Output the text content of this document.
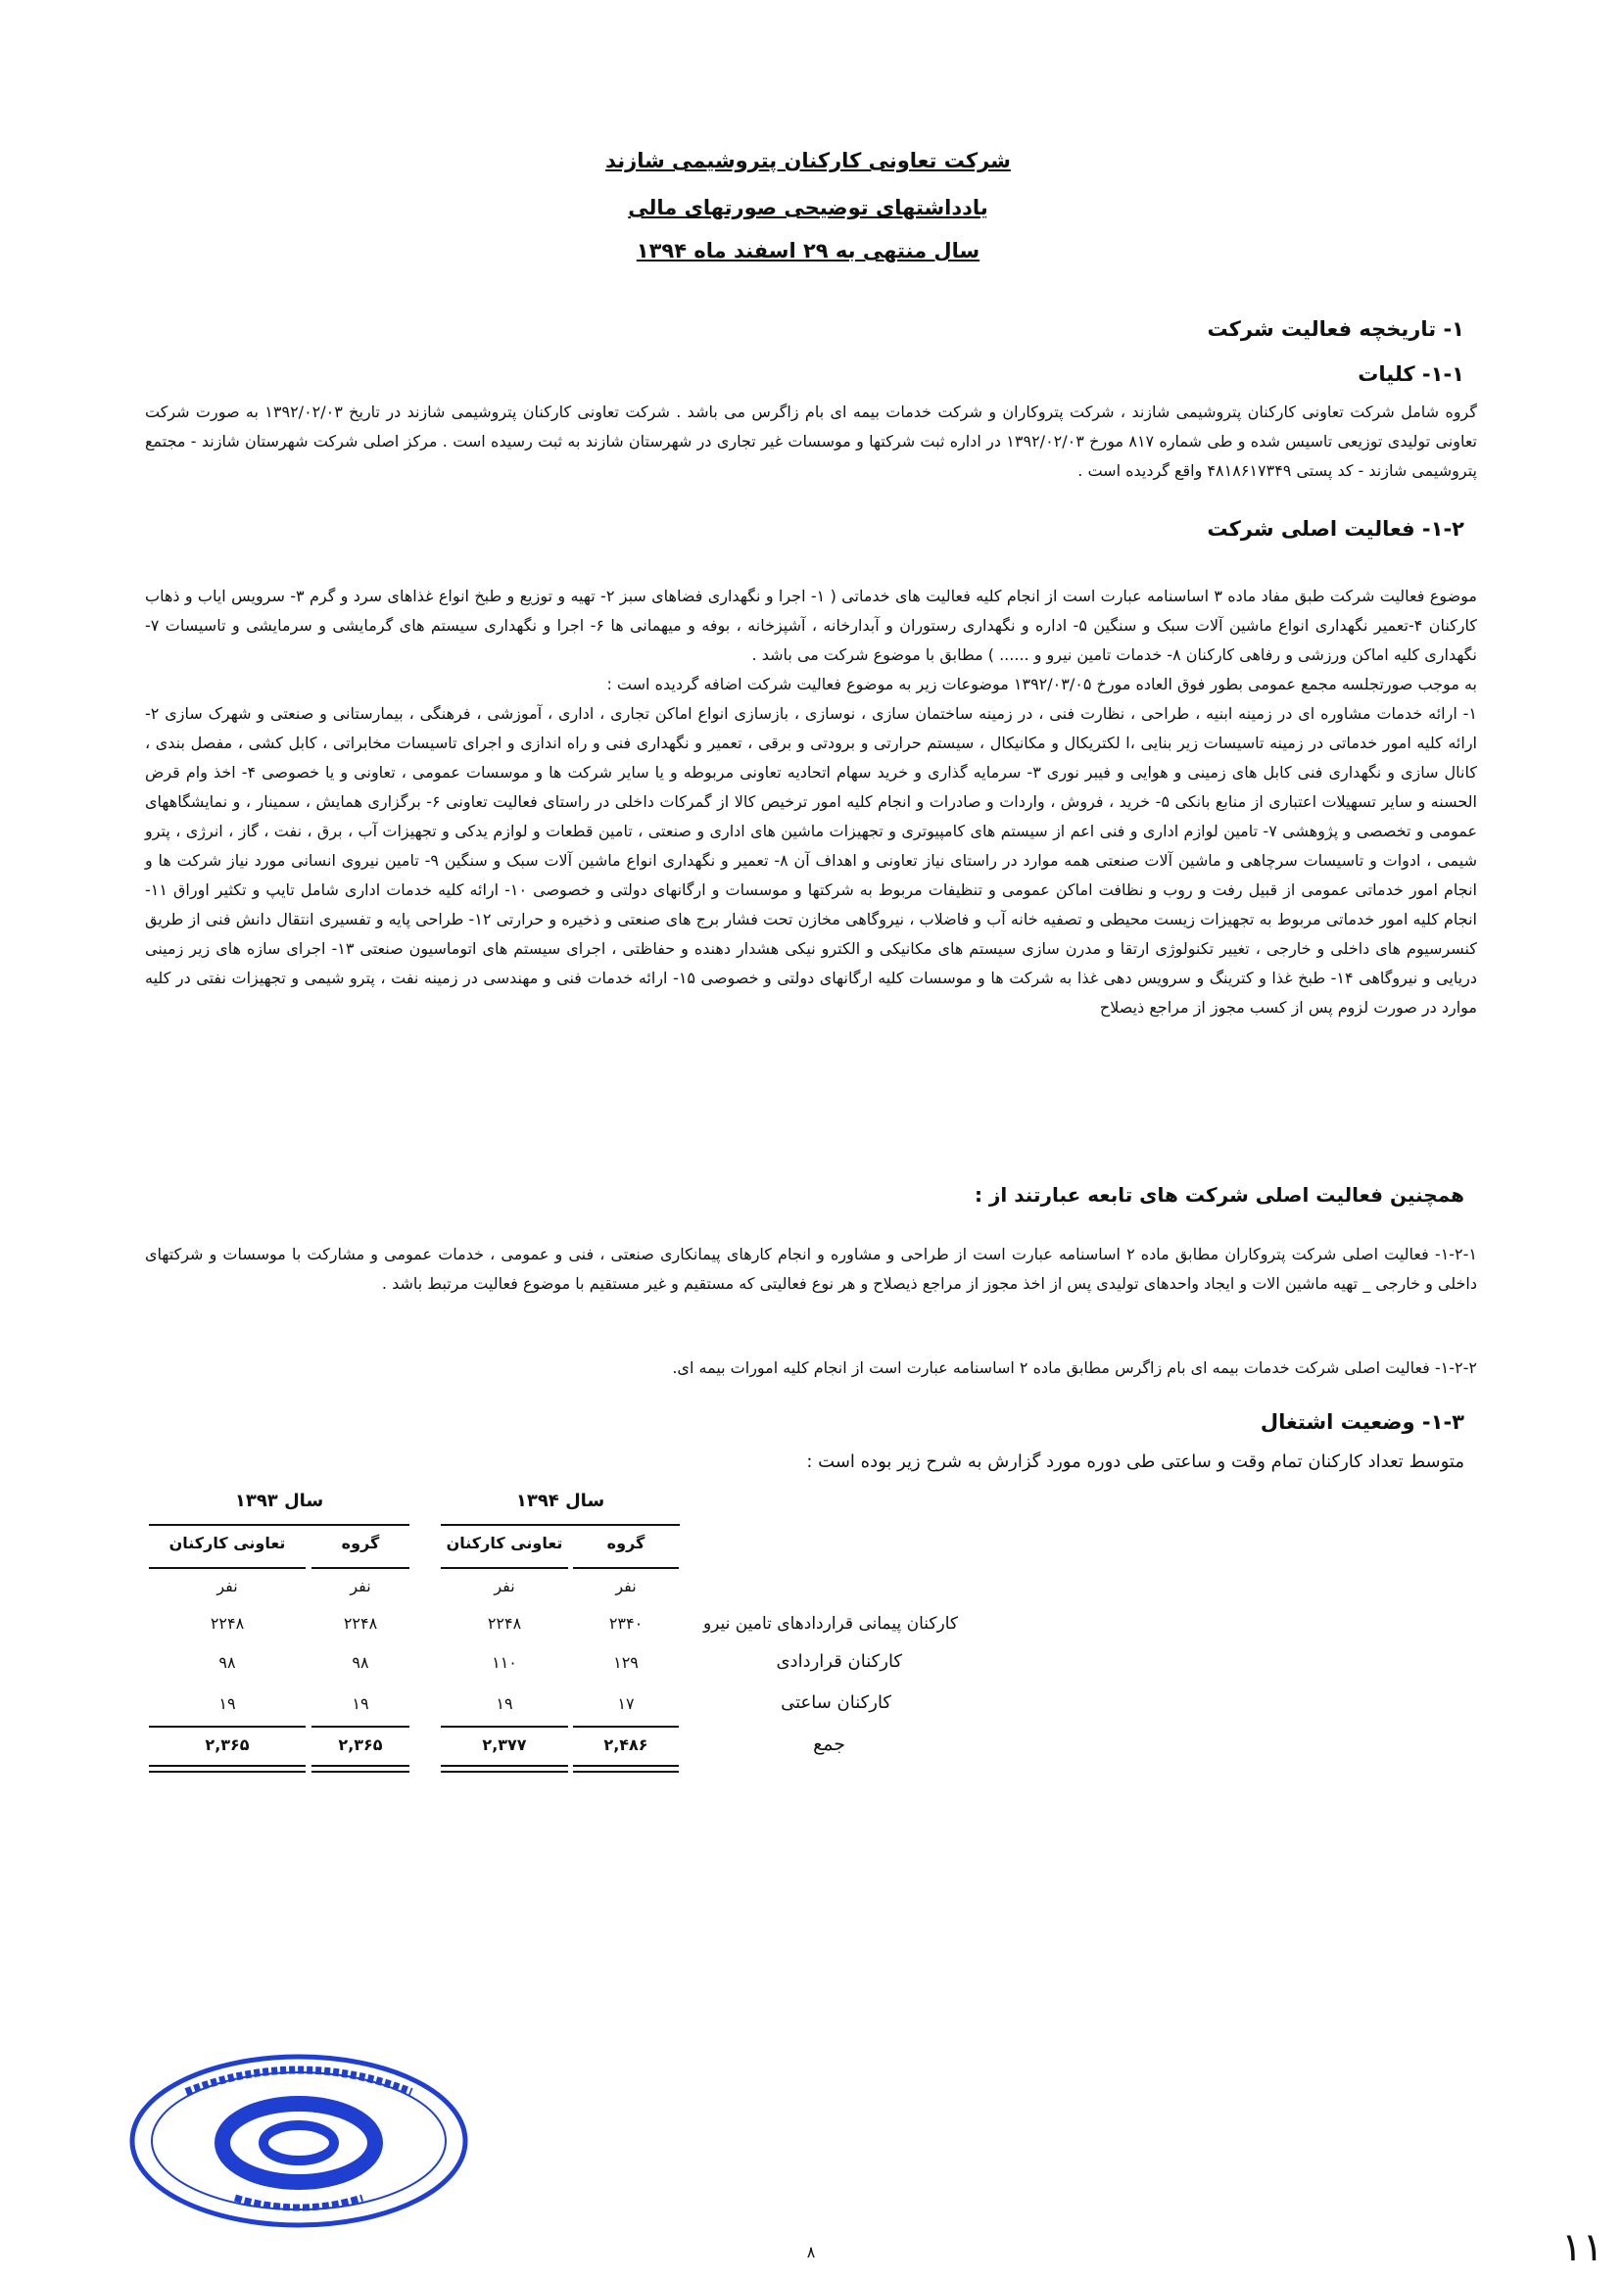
شرکت تعاونی کارکنان پتروشیمی شازند
یادداشتهای توضیحی صورتهای مالی
سال منتهی به ۲۹ اسفند ماه ۱۳۹۴
۱- تاریخچه فعالیت شرکت
۱-۱- کلیات

گروه شامل شرکت تعاونی کارکنان پتروشیمی شازند ، شرکت پتروکاران و شرکت خدمات بیمه ای بام زاگرس می باشد . شرکت تعاونی کارکنان پتروشیمی شازند در تاریخ ۱۳۹۲/۰۲/۰۳ به صورت شرکت تعاونی تولیدی توزیعی تاسیس شده و طی شماره ۸۱۷ مورخ ۱۳۹۲/۰۲/۰۳ در اداره ثبت شرکتها و موسسات غیر تجاری در شهرستان شازند به ثبت رسیده است . مرکز اصلی شرکت شهرستان شازند - مجتمع پتروشیمی شازند - کد پستی ۴۸۱۸۶۱۷۳۴۹ واقع گردیده است .

۱-۲- فعالیت اصلی شرکت

موضوع فعالیت شرکت طبق مفاد ماده ۳ اساسنامه عبارت است از انجام کلیه فعالیت های خدماتی ( ۱- اجرا و نگهداری فضاهای سبز ۲- تهیه و توزیع و طبخ انواع غذاهای سرد و گرم ۳- سرویس ایاب و ذهاب کارکنان ۴-تعمیر نگهداری انواع ماشین آلات سبک و سنگین ۵- اداره و نگهداری رستوران و آبدارخانه ، آشپزخانه ، بوفه و میهمانی ها ۶- اجرا و نگهداری سیستم های گرمایشی و سرمایشی و تاسیسات ۷- نگهداری کلیه اماکن ورزشی و رفاهی کارکنان ۸- خدمات تامین نیرو و ...... ) مطابق با موضوع شرکت می باشد .

به موجب صورتجلسه مجمع عمومی بطور فوق العاده مورخ ۱۳۹۲/۰۳/۰۵ موضوعات زیر به موضوع فعالیت شرکت اضافه گردیده است :

۱- ارائه خدمات مشاوره ای در زمینه ابنیه ، طراحی ، نظارت فنی ، در زمینه ساختمان سازی ، نوسازی ، بازسازی انواع اماکن تجاری ، اداری ، آموزشی ، فرهنگی ، بیمارستانی و صنعتی و شهرک سازی ۲- ارائه کلیه امور خدماتی در زمینه تاسیسات زیر بنایی ،ا لکتریکال و مکانیکال ، سیستم حرارتی و برودتی و برقی ، تعمیر و نگهداری فنی و راه اندازی و اجرای تاسیسات مخابراتی ، کابل کشی ، مفصل بندی ، کانال سازی و نگهداری فنی کابل های زمینی و هوایی و فیبر نوری ۳- سرمایه گذاری و خرید سهام اتحادیه تعاونی مربوطه و یا سایر شرکت ها و موسسات عمومی ، تعاونی و یا خصوصی ۴- اخذ وام قرض الحسنه و سایر تسهیلات اعتباری از منابع بانکی ۵- خرید ، فروش ، واردات و صادرات و انجام کلیه امور ترخیص کالا از گمرکات داخلی در راستای فعالیت تعاونی ۶- برگزاری همایش ، سمینار ، و نمایشگاههای عمومی و تخصصی و پژوهشی ۷- تامین لوازم اداری و فنی اعم از سیستم های کامپیوتری و تجهیزات ماشین های اداری و صنعتی ، تامین قطعات و لوازم یدکی و تجهیزات آب ، برق ، نفت ، گاز ، انرژی ، پترو شیمی ، ادوات و تاسیسات سرچاهی و ماشین آلات صنعتی همه موارد در راستای نیاز تعاونی و اهداف آن ۸- تعمیر و نگهداری انواع ماشین آلات سبک و سنگین ۹- تامین نیروی انسانی مورد نیاز شرکت ها و انجام امور خدماتی عمومی از قبیل رفت و روب و نظافت اماکن عمومی و تنظیفات مربوط به شرکتها و موسسات و ارگانهای دولتی و خصوصی ۱۰- ارائه کلیه خدمات اداری شامل تایپ و تکثیر اوراق ۱۱- انجام کلیه امور خدماتی مربوط به تجهیزات زیست محیطی و تصفیه خانه آب و فاضلاب ، نیروگاهی مخازن تحت فشار برج های صنعتی و ذخیره و حرارتی ۱۲- طراحی پایه و تفسیری انتقال دانش فنی از طریق کنسرسیوم های داخلی و خارجی ، تغییر تکنولوژی ارتقا و مدرن سازی سیستم های مکانیکی و الکترو نیکی هشدار دهنده و حفاظتی ، اجرای سیستم های اتوماسیون صنعتی ۱۳- اجرای سازه های زیر زمینی دریایی و نیروگاهی ۱۴- طبخ غذا و کترینگ و سرویس دهی غذا به شرکت ها و موسسات کلیه ارگانهای دولتی و خصوصی ۱۵- ارائه خدمات فنی و مهندسی در زمینه نفت ، پترو شیمی و تجهیزات نفتی در کلیه موارد در صورت لزوم پس از کسب مجوز از مراجع ذیصلاح

همچنین فعالیت اصلی شرکت های تابعه عبارتند از :

۱-۲-۱- فعالیت اصلی شرکت پتروکاران مطابق ماده ۲ اساسنامه عبارت است از طراحی و مشاوره و انجام کارهای پیمانکاری صنعتی ، فنی و عمومی ، خدمات عمومی و مشارکت با موسسات و شرکتهای داخلی و خارجی _ تهیه ماشین الات و ایجاد واحدهای تولیدی پس از اخذ مجوز از مراجع ذیصلاح و هر نوع فعالیتی که مستقیم و غیر مستقیم با موضوع فعالیت مرتبط باشد .

۱-۲-۲- فعالیت اصلی شرکت خدمات بیمه ای بام زاگرس مطابق ماده ۲ اساسنامه عبارت است از انجام کلیه امورات بیمه ای.

۱-۳- وضعیت اشتغال
متوسط تعداد کارکنان تمام وقت و ساعتی طی دوره مورد گزارش به شرح زیر بوده است :
سال ۱۳۹۴
سال ۱۳۹۳
گروه
تعاونی کارکنان
گروه
تعاونی کارکنان
نفر
نفر
نفر
نفر
کارکنان پیمانی قراردادهای تامین نیرو
۲۳۴۰
۲۲۴۸
۲۲۴۸
۲۲۴۸
کارکنان قراردادی
۱۲۹
۱۱۰
۹۸
۹۸
کارکنان ساعتی
۱۷
۱۹
۱۹
۱۹
جمع
۲,۴۸۶
۲,۳۷۷
۲,۳۶۵
۲,۳۶۵
۸	۱۱
